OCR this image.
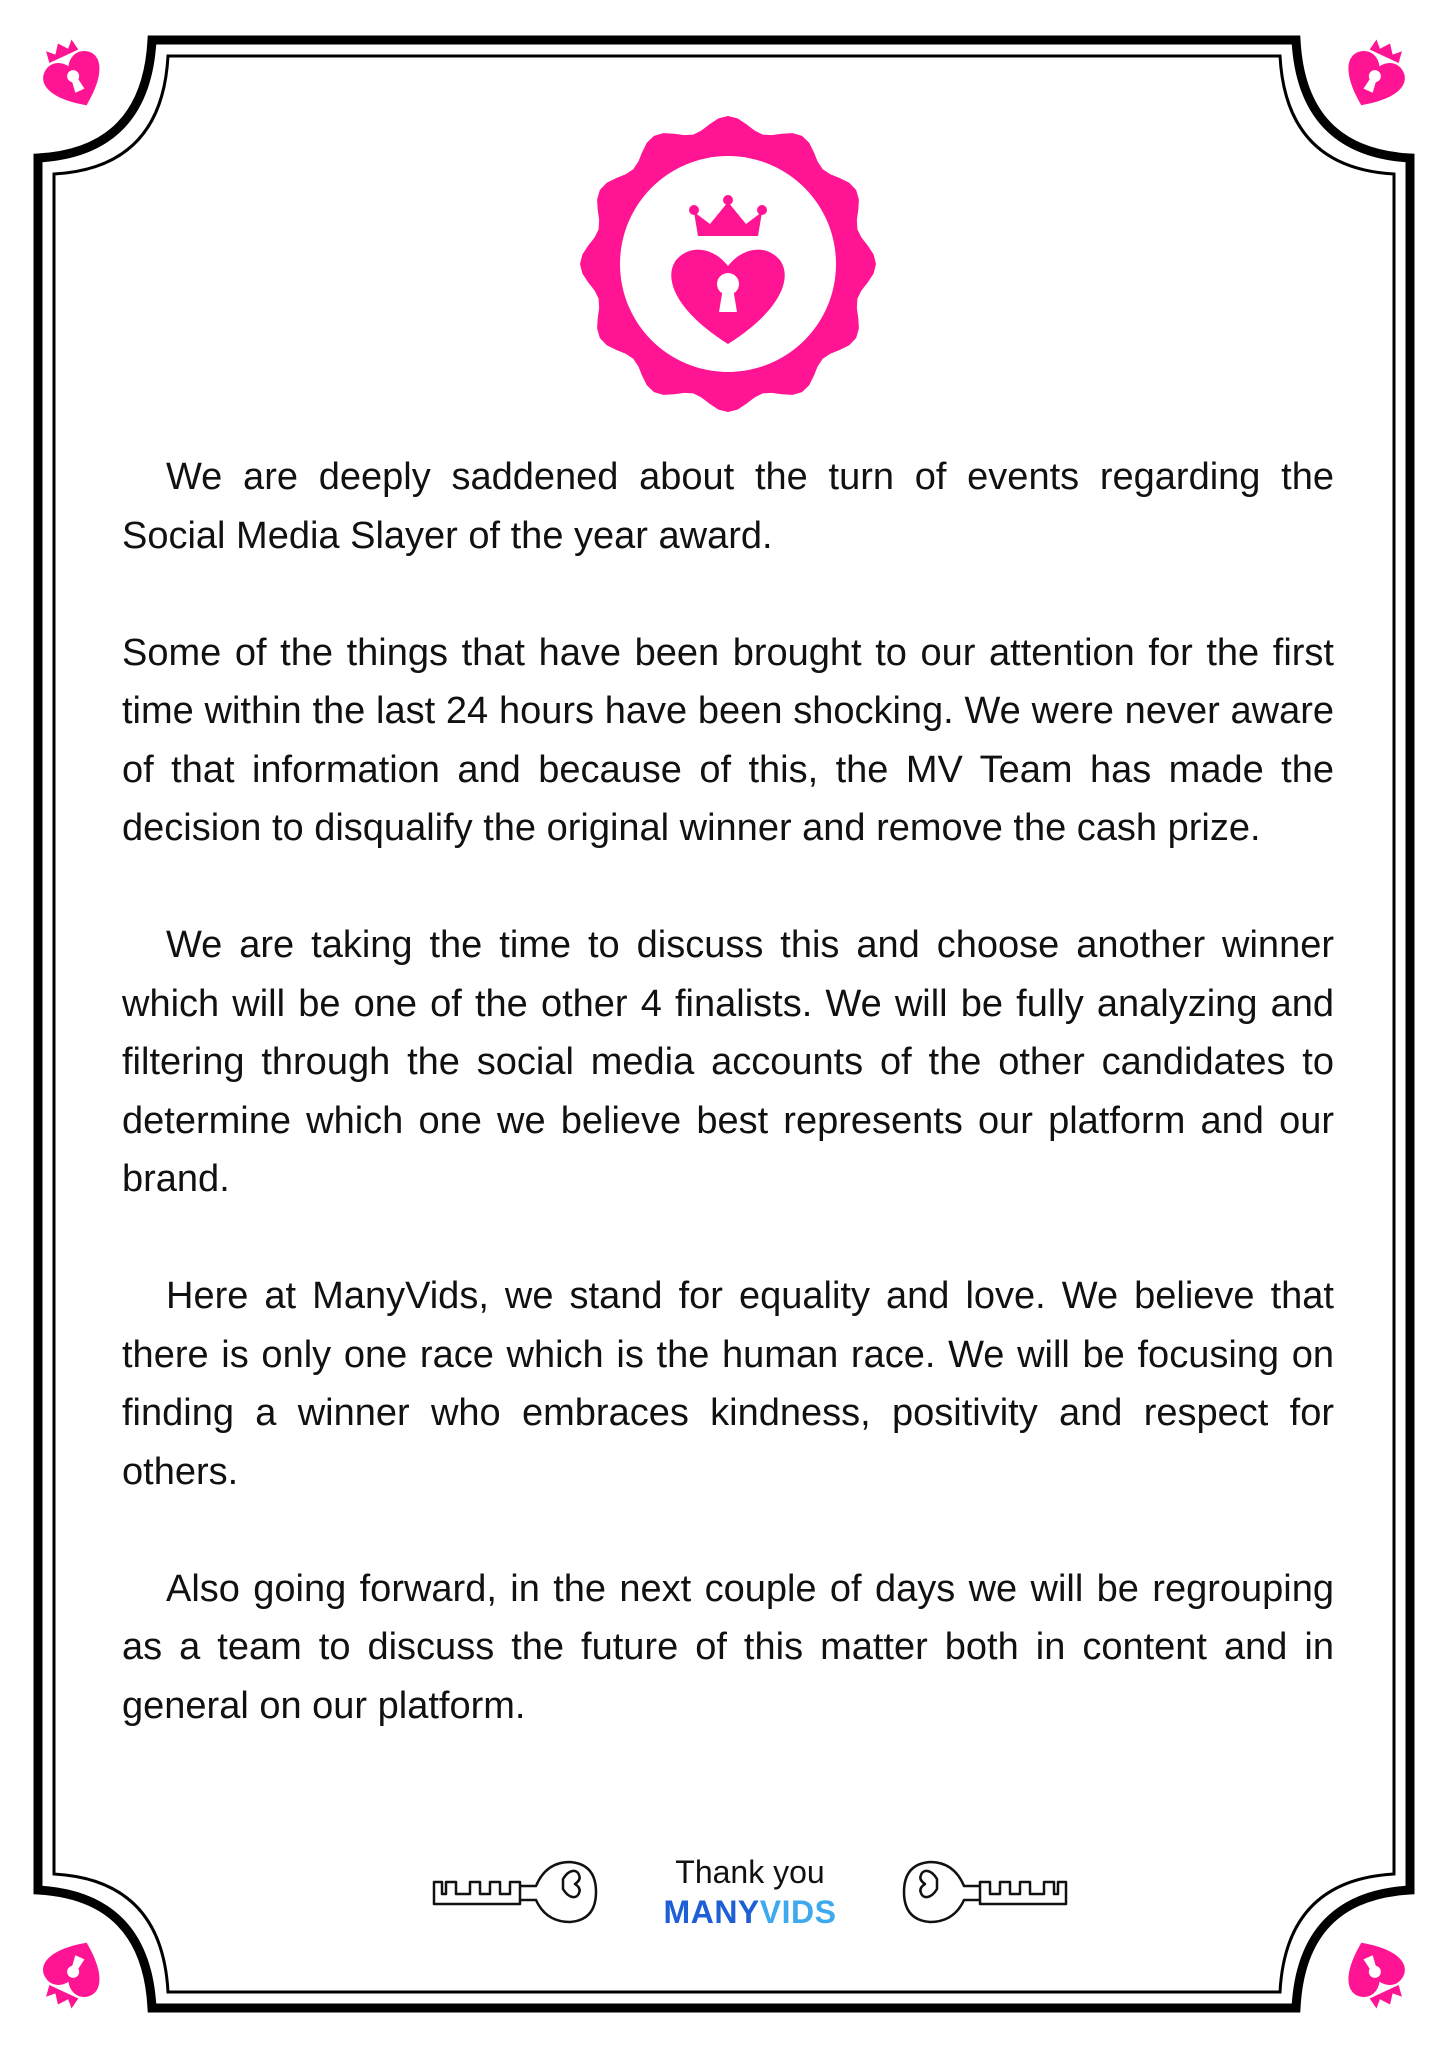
We are deeply saddened about the turn of events regarding the Social Media Slayer of the year award.

Some of the things that have been brought to our attention for the first time within the last 24 hours have been shocking. We were never aware of that information and because of this, the MV Team has made the decision to disqualify the original winner and remove the cash prize.

We are taking the time to discuss this and choose another winner which will be one of the other 4 finalists. We will be fully analyzing and filtering through the social media accounts of the other candidates to determine which one we believe best represents our platform and our brand.

Here at ManyVids, we stand for equality and love. We believe that there is only one race which is the human race. We will be focusing on finding a winner who embraces kindness, positivity and respect for others.

Also going forward, in the next couple of days we will be regrouping as a team to discuss the future of this matter both in content and in general on our platform.

Thank you
MANYVIDS
